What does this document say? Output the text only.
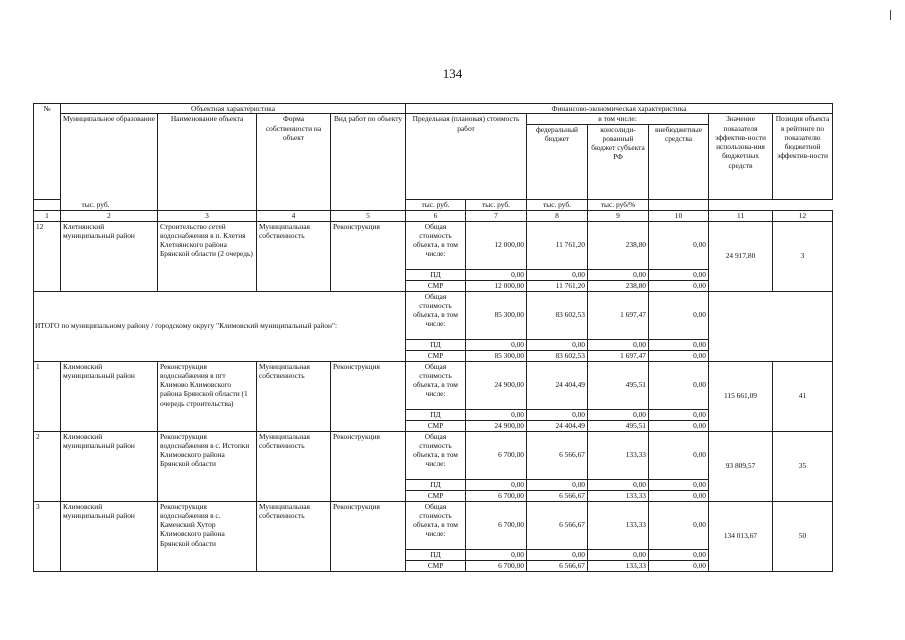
134
№	Объектная характеристика				Финансово-экономическая характеристика						
	Муниципальное образование	Наименование объекта	Форма собственности на объект	Вид работ по объекту	Предельная (плановая) стоимость работ		в том числе:			Значение показателя эффектив-ности использова-ния бюджетных средств	Позиция объекта в рейтинге по показателю бюджетной эффектив-ности
							федеральный бюджет	консолиди-рованный бюджет субъекта РФ	внебюджетные средства		
тыс. руб.					тыс. руб.	тыс. руб.	тыс. руб.	тыс. руб/%			
1	2	3	4	5	6	7	8	9	10	11	12
12	Клетнянский муниципальный район	Строительство сетей водоснабжения в п. Клетня Клетнянского района Брянской области (2 очередь)	Муниципальная собственность	Реконструкция	Общая стоимость объекта, в том числе:	12 000,00	11 761,20	238,80	0,00	24 917,80	3
					ПД	0,00	0,00	0,00	0,00		
					СМР	12 000,00	11 761,20	238,80	0,00		
ИТОГО по муниципальному району / городскому округу "Климовский муниципальный район":					Общая стоимость объекта, в том числе:	85 300,00	83 602,53	1 697,47	0,00		
					ПД	0,00	0,00	0,00	0,00		
					СМР	85 300,00	83 602,53	1 697,47	0,00		
1	Климовский муниципальный район	Реконструкция водоснабжения в пгт Климово Климовского района Брянской области (1 очередь строительства)	Муниципальная собственность	Реконструкция	Общая стоимость объекта, в том числе:	24 900,00	24 404,49	495,51	0,00	115 661,09	41
					ПД	0,00	0,00	0,00	0,00		
					СМР	24 900,00	24 404,49	495,51	0,00		
2	Климовский муниципальный район	Реконструкция водоснабжения в с. Истопки Климовского района Брянской области	Муниципальная собственность	Реконструкция	Общая стоимость объекта, в том числе:	6 700,00	6 566,67	133,33	0,00	93 809,57	35
					ПД	0,00	0,00	0,00	0,00		
					СМР	6 700,00	6 566,67	133,33	0,00		
3	Климовский муниципальный район	Реконструкция водоснабжения в с. Каменский Хутор Климовского района Брянской области	Муниципальная собственность	Реконструкция	Общая стоимость объекта, в том числе:	6 700,00	6 566,67	133,33	0,00	134 013,67	50
					ПД	0,00	0,00	0,00	0,00		
					СМР	6 700,00	6 566,67	133,33	0,00		
